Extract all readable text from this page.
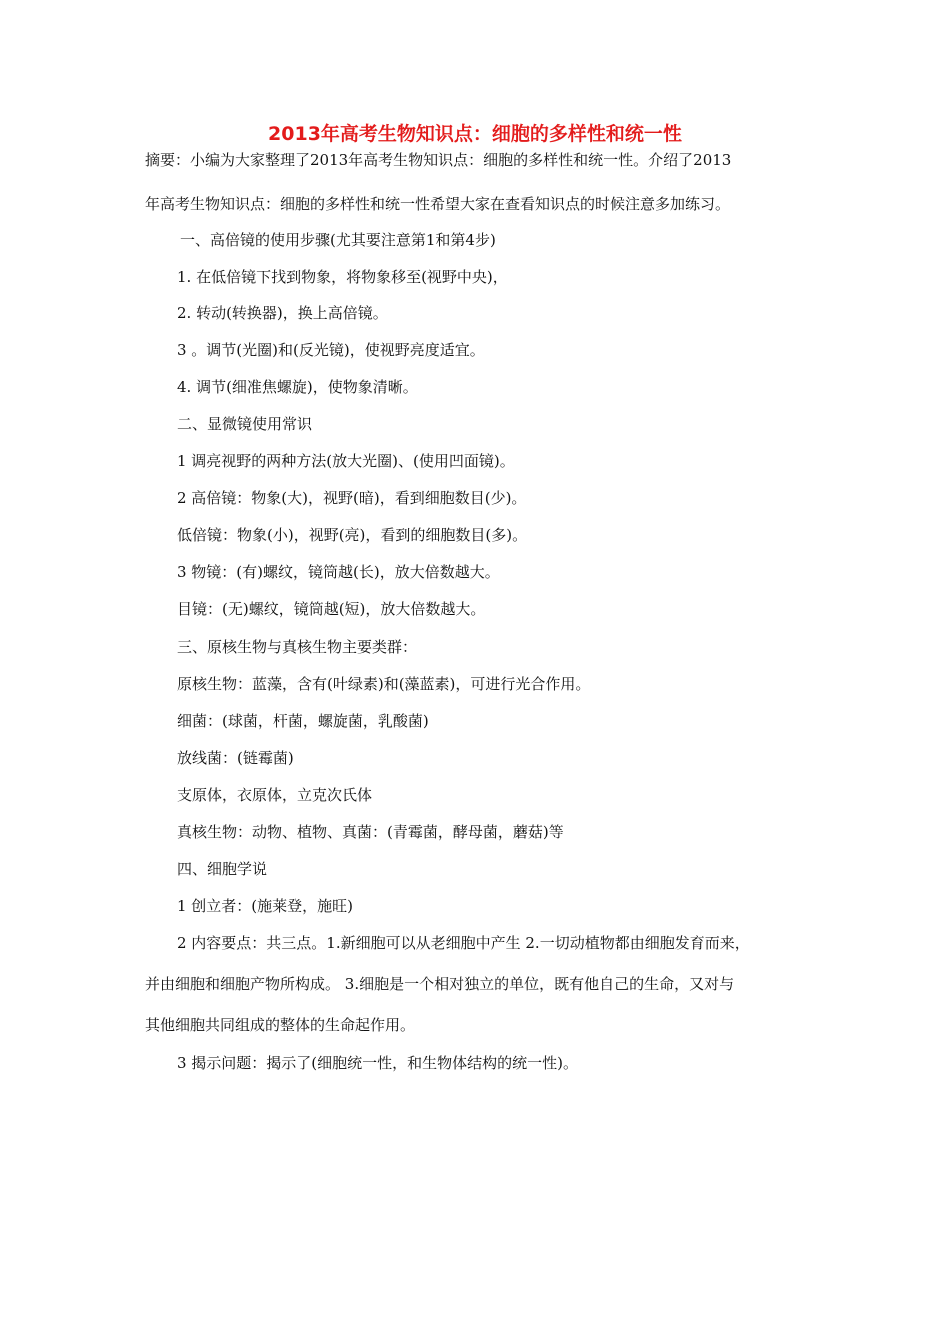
2013年高考生物知识点：细胞的多样性和统一性
摘要：小编为大家整理了2013年高考生物知识点：细胞的多样性和统一性。介绍了2013
年高考生物知识点：细胞的多样性和统一性希望大家在查看知识点的时候注意多加练习。
一、高倍镜的使用步骤(尤其要注意第1和第4步)
1. 在低倍镜下找到物象，将物象移至(视野中央)，
2. 转动(转换器)，换上高倍镜。
3 。调节(光圈)和(反光镜)，使视野亮度适宜。
4. 调节(细准焦螺旋)，使物象清晰。
二、显微镜使用常识
1 调亮视野的两种方法(放大光圈)、(使用凹面镜)。
2 高倍镜：物象(大)，视野(暗)，看到细胞数目(少)。
低倍镜：物象(小)，视野(亮)，看到的细胞数目(多)。
3 物镜：(有)螺纹，镜筒越(长)，放大倍数越大。
目镜：(无)螺纹，镜筒越(短)，放大倍数越大。
三、原核生物与真核生物主要类群：
原核生物：蓝藻，含有(叶绿素)和(藻蓝素)，可进行光合作用。
细菌：(球菌，杆菌，螺旋菌，乳酸菌)
放线菌：(链霉菌)
支原体，衣原体，立克次氏体
真核生物：动物、植物、真菌：(青霉菌，酵母菌，蘑菇)等
四、细胞学说
1 创立者：(施莱登，施旺)
2 内容要点：共三点。1.新细胞可以从老细胞中产生 2.一切动植物都由细胞发育而来，
并由细胞和细胞产物所构成。 3.细胞是一个相对独立的单位，既有他自己的生命，又对与
其他细胞共同组成的整体的生命起作用。
3 揭示问题：揭示了(细胞统一性，和生物体结构的统一性)。
